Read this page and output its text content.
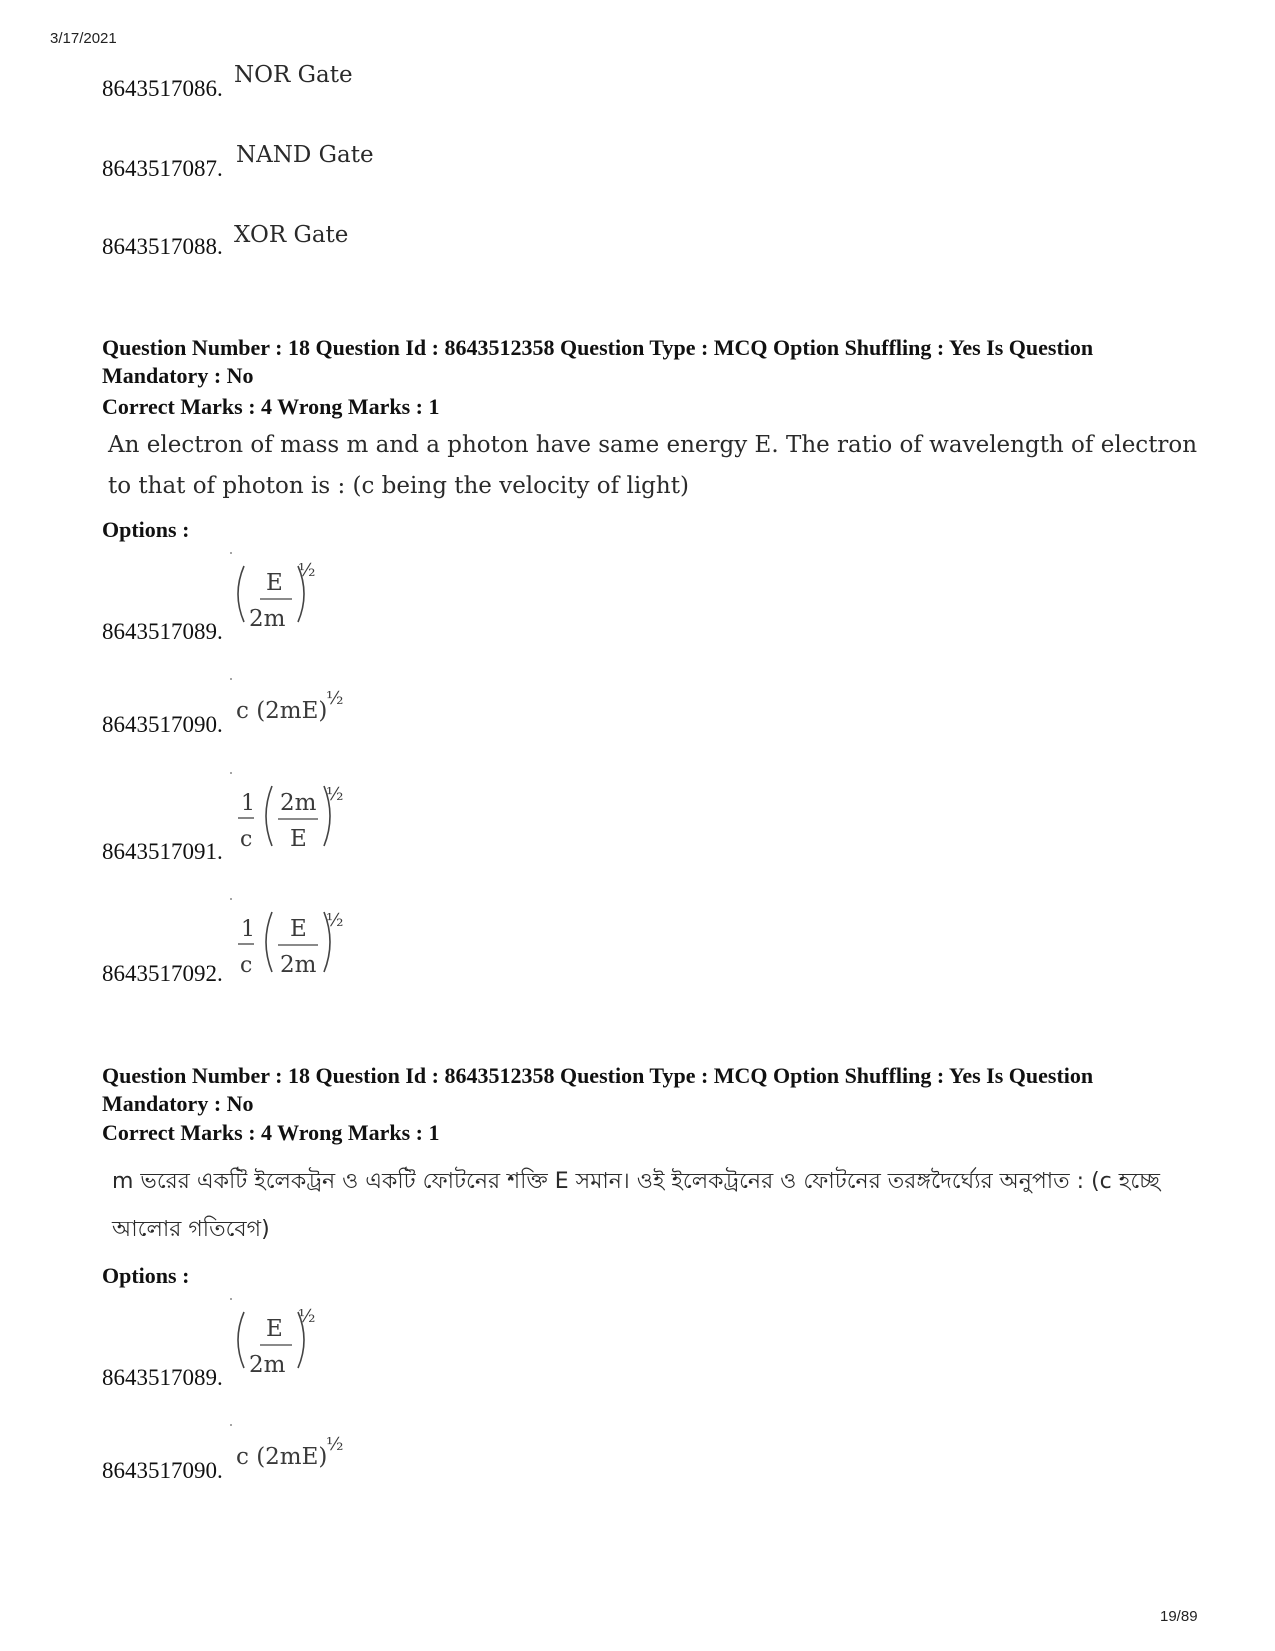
3/17/2021
8643517086.
NOR Gate
8643517087.
NAND Gate
8643517088. XOR Gate
Question Number : 18 Question Id : 8643512358 Question Type : MCQ Option Shuffling : Yes Is Question Mandatory : No
Correct Marks : 4 Wrong Marks : 1
An electron of mass m and a photon have same energy E. The ratio of wavelength of electron to that of photon is : (c being the velocity of light)
Options :
8643517089.
E
2m
½
8643517090.
c (2mE)
½
8643517091.
1
c
2m
E
½
8643517092.
1
c
E
2m
½
Question Number : 18 Question Id : 8643512358 Question Type : MCQ Option Shuffling : Yes Is Question Mandatory : No
Correct Marks : 4 Wrong Marks : 1
m ভরের একটি ইলেকট্রন ও একটি ফোটনের শক্তি E সমান। ওই ইলেকট্রনের ও ফোটনের তরঙ্গদৈর্ঘ্যের অনুপাত : (c হচ্ছে আলোর গতিবেগ)
Options :
8643517089.
E
2m
½
8643517090.
c (2mE)
½
19/89
